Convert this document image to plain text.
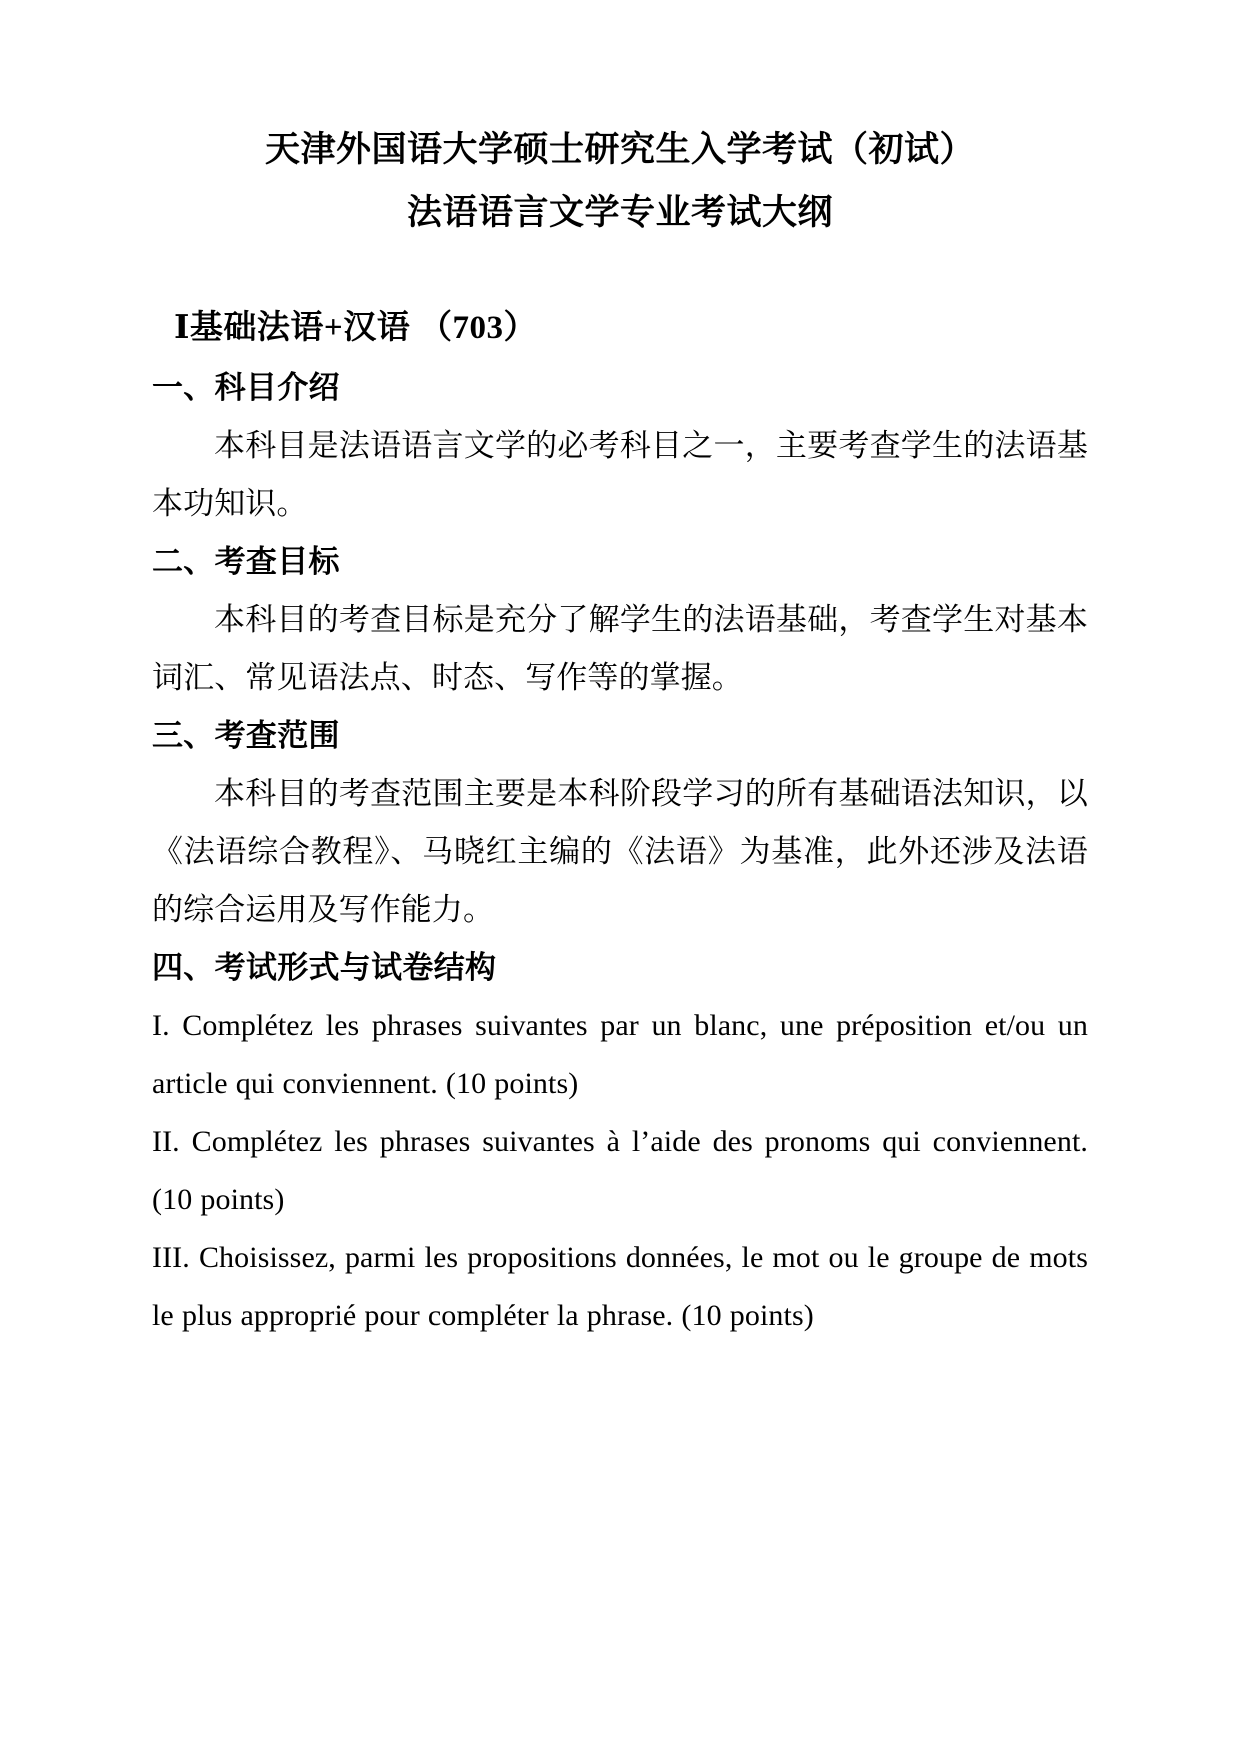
天津外国语大学硕士研究生入学考试（初试）
法语语言文学专业考试大纲
Ⅰ基础法语+汉语 （703）
一、科目介绍

本科目是法语语言文学的必考科目之一，主要考查学生的法语基本功知识。

二、考查目标

本科目的考查目标是充分了解学生的法语基础，考查学生对基本词汇、常见语法点、时态、写作等的掌握。

三、考查范围

本科目的考查范围主要是本科阶段学习的所有基础语法知识，以《法语综合教程》、马晓红主编的《法语》为基准，此外还涉及法语的综合运用及写作能力。

四、考试形式与试卷结构

I. Complétez les phrases suivantes par un blanc, une préposition et/ou un article qui conviennent. (10 points)

II. Complétez les phrases suivantes à l’aide des pronoms qui conviennent. (10 points)

III. Choisissez, parmi les propositions données, le mot ou le groupe de mots le plus approprié pour compléter la phrase. (10 points)
